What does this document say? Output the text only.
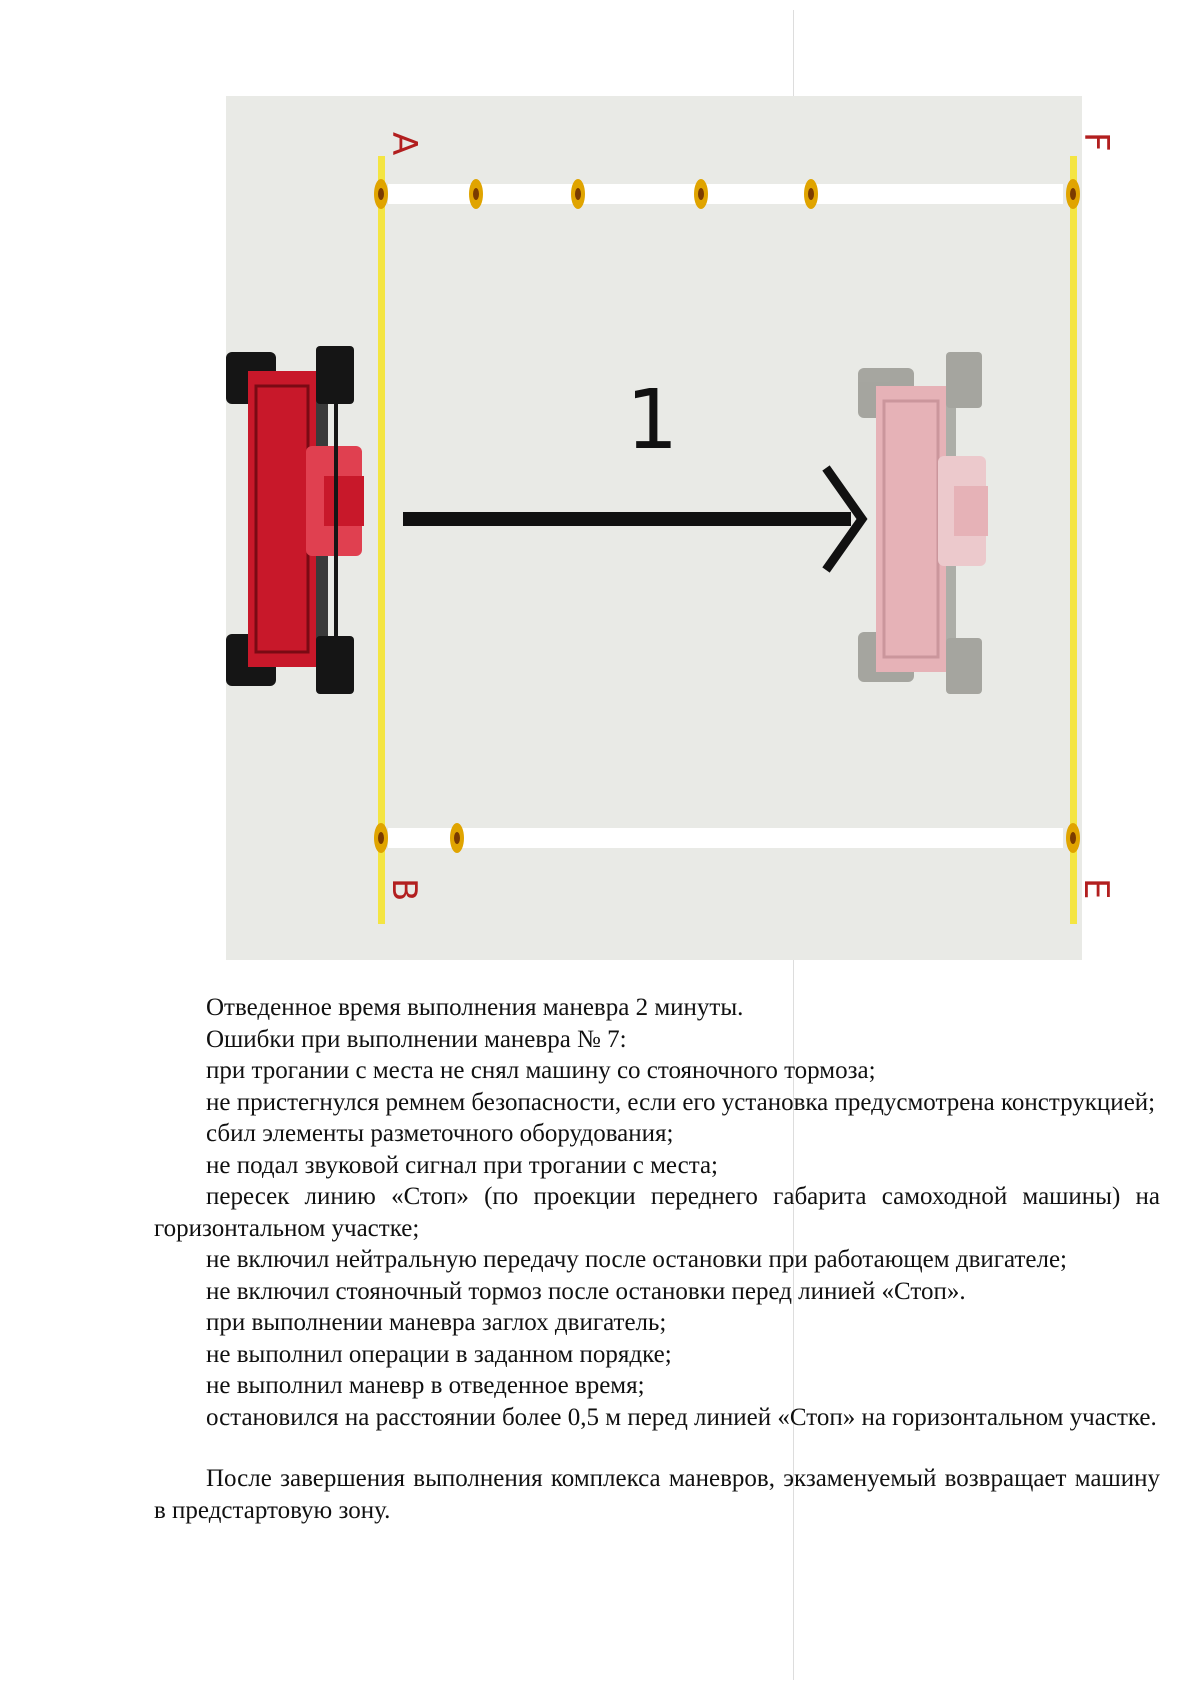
A	F
B	E
1

Отведенное время выполнения маневра 2 минуты.

Ошибки при выполнении маневра № 7:

при трогании с места не снял машину со стояночного тормоза;

не пристегнулся ремнем безопасности, если его установка предусмотрена конструкцией;

сбил элементы разметочного оборудования;

не подал звуковой сигнал при трогании с места;

пересек линию «Стоп» (по проекции переднего габарита самоходной машины) на горизонтальном участке;

не включил нейтральную передачу после остановки при работающем двигателе;

не включил стояночный тормоз после остановки перед линией «Стоп».

при выполнении маневра заглох двигатель;

не выполнил операции в заданном порядке;

не выполнил маневр в отведенное время;

остановился на расстоянии более 0,5 м перед линией «Стоп» на горизонтальном участке.

После завершения выполнения комплекса маневров, экзаменуемый возвращает машину в предстартовую зону.
